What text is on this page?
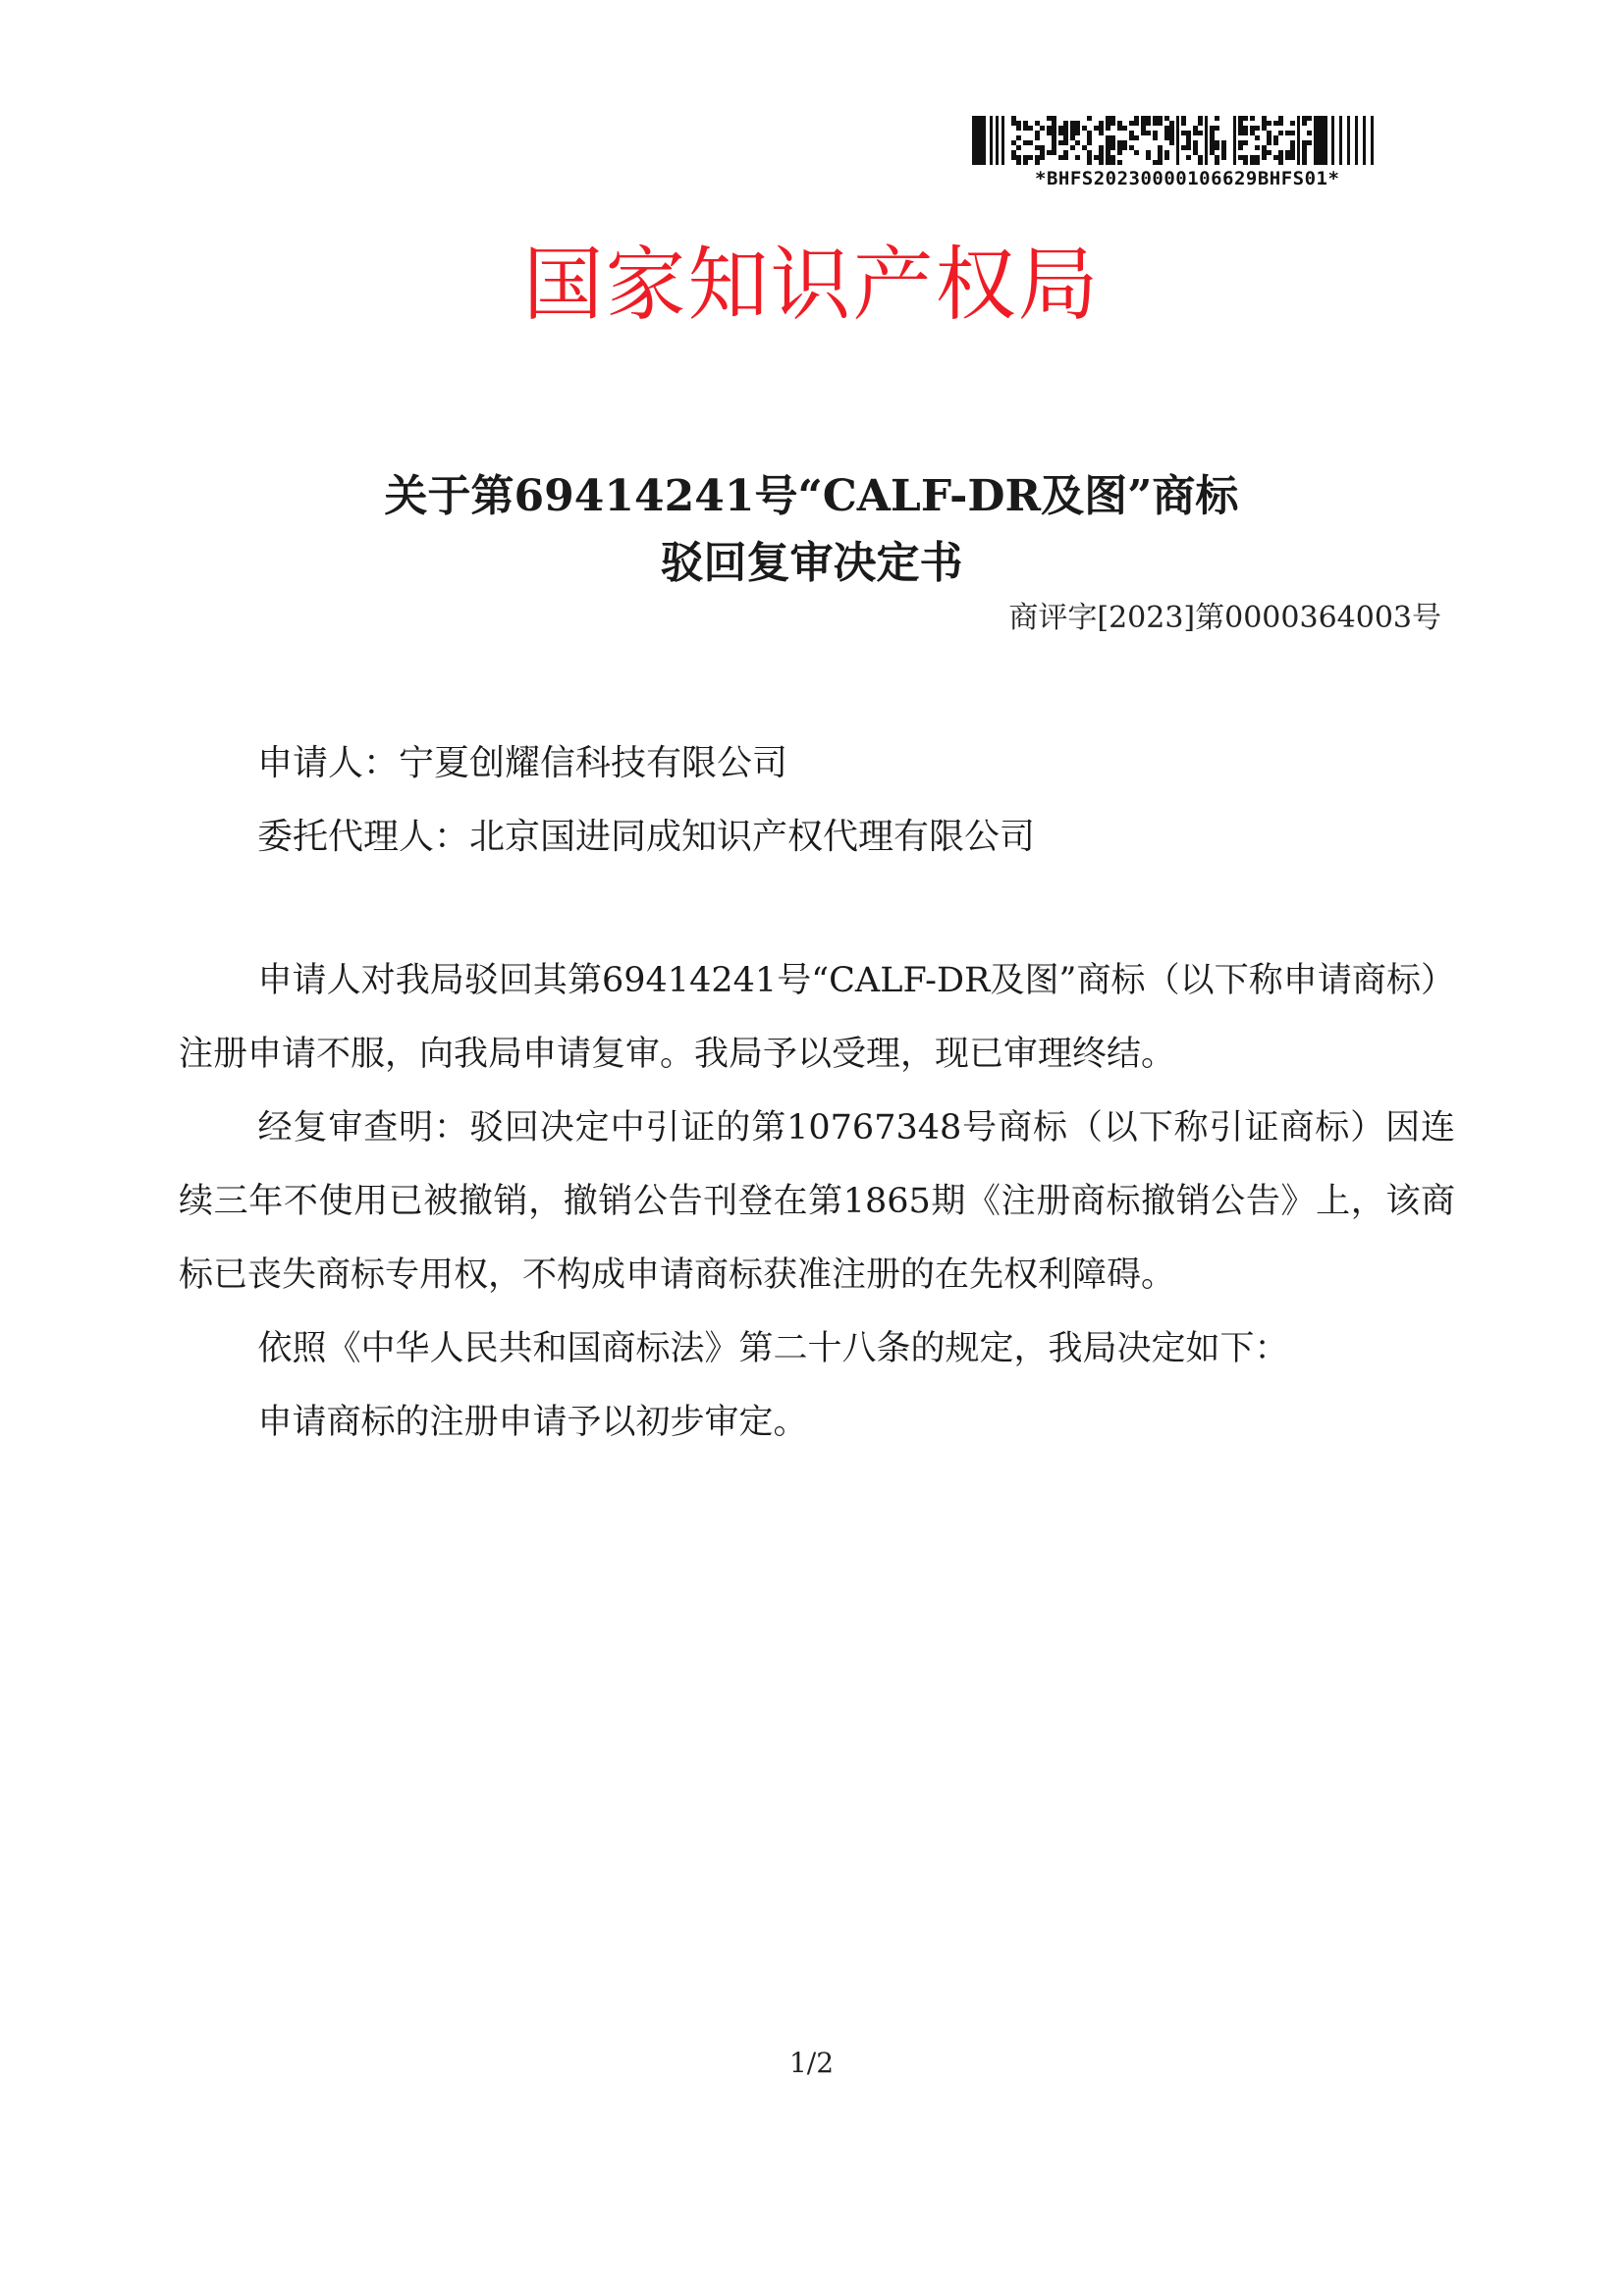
*BHFS20230000106629BHFS01*
国家知识产权局
关于第69414241号“CALF-DR及图”商标
驳回复审决定书
商评字[2023]第0000364003号
申请人：宁夏创耀信科技有限公司
委托代理人：北京国进同成知识产权代理有限公司

申请人对我局驳回其第69414241号“CALF-DR及图”商标（以下称申请商标）注册申请不服，向我局申请复审。我局予以受理，现已审理终结。

经复审查明：驳回决定中引证的第10767348号商标（以下称引证商标）因连续三年不使用已被撤销，撤销公告刊登在第1865期《注册商标撤销公告》上，该商标已丧失商标专用权，不构成申请商标获准注册的在先权利障碍。

依照《中华人民共和国商标法》第二十八条的规定，我局决定如下：

申请商标的注册申请予以初步审定。

1/2
